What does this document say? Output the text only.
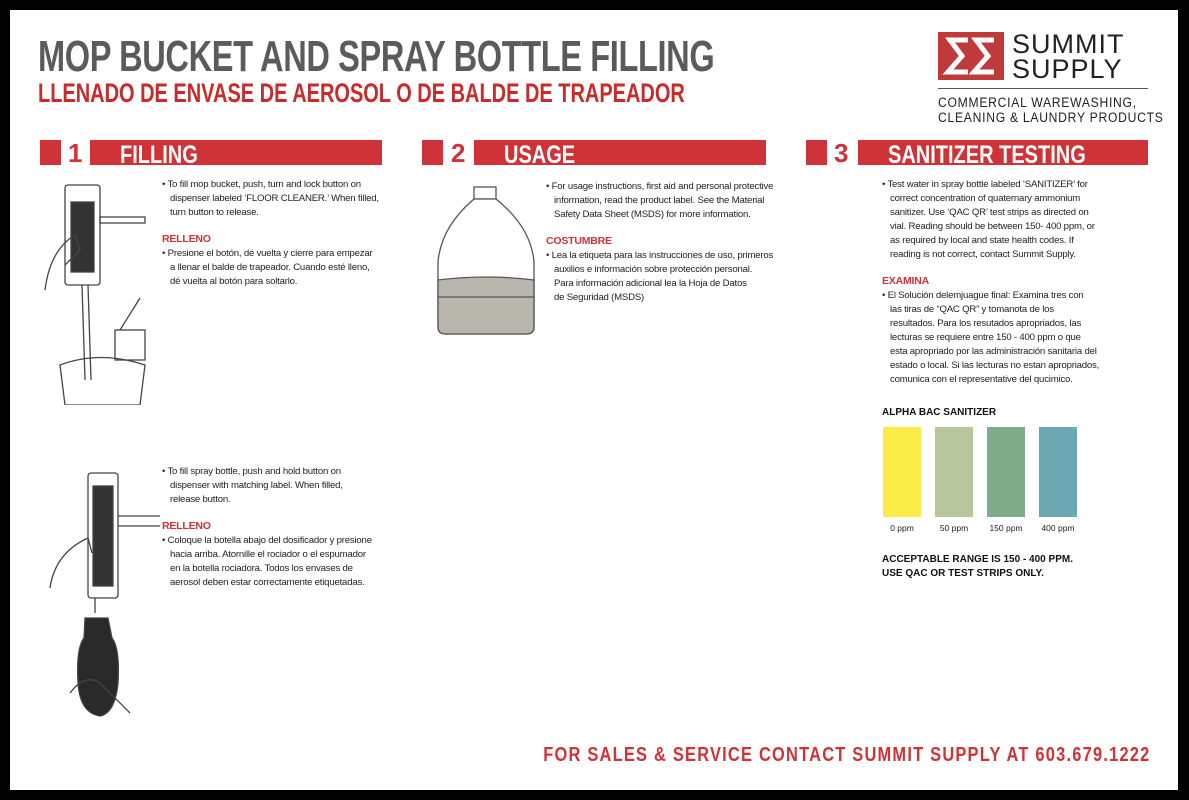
MOP BUCKET AND SPRAY BOTTLE FILLING
LLENADO DE ENVASE DE AEROSOL O DE BALDE DE TRAPEADOR
SUMMIT
SUPPLY
COMMERCIAL WAREWASHING,
CLEANING & LAUNDRY PRODUCTS
1	FILLING	2	USAGE	3	SANITIZER TESTING

• To fill mop bucket, push, turn and lock button on
dispenser labeled ‘FLOOR CLEANER.’ When filled,
turn button to release.

RELLENO

• Presione el botón, dé vuelta y cierre para empezar
a llenar el balde de trapeador. Cuando esté lleno,
dé vuelta al botón para soltarlo.

• To fill spray bottle, push and hold button on
dispenser with matching label. When filled,
release button.

RELLENO

• Coloque la botella abajo del dosificador y presione
hacia arriba. Atornille el rociador o el espumador
en la botella rociadora. Todos los envases de
aerosol deben estar correctamente etiquetadas.

• For usage instructions, first aid and personal protective
information, read the product label. See the Material
Safety Data Sheet (MSDS) for more information.

COSTUMBRE

• Lea la etiqueta para las instrucciones de uso, primeros
auxilios e información sobre protección personal.
Para información adicional lea la Hoja de Datos
de Seguridad (MSDS)

• Test water in spray bottle labeled ‘SANITIZER’ for
correct concentration of quaternary ammonium
sanitizer. Use ‘QAC QR’ test strips as directed on
vial. Reading should be between 150- 400 ppm, or
as required by local and state health codes. If
reading is not correct, contact Summit Supply.

EXAMINA

• El Solución delemjuague final: Examina tres con
las tiras de “QAC QR” y tomanota de los
resultados. Para los resutados apropriados, las
lecturas se requiere entre 150 - 400 ppm o que
esta apropriado por las administración sanitaria del
estado o local. Si las lecturas no estan apropriados,
comunica con el representative del qucimico.

ALPHA BAC SANITIZER
0 ppm	50 ppm	150 ppm	400 ppm
ACCEPTABLE RANGE IS 150 - 400 PPM.
USE QAC OR TEST STRIPS ONLY.
FOR SALES & SERVICE CONTACT SUMMIT SUPPLY AT 603.679.1222
